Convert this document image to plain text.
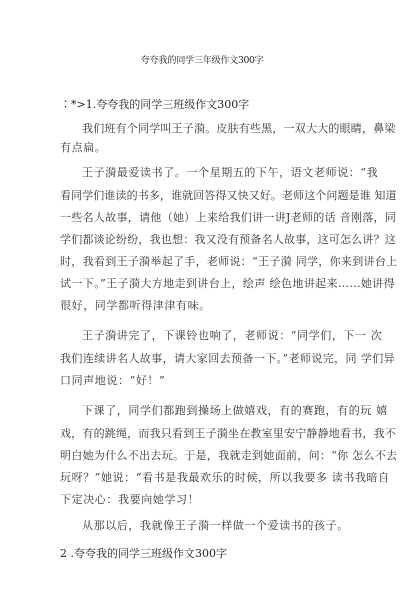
夸夸我的同学三年级作文300字
∶*>1.夸夸我的同学三班级作文300字
我们班有个同学叫王子漪。皮肤有些黑，一双大大的眼睛，鼻梁
有点扁。
王子漪最爱读书了。一个星期五的下午，语文老师说：“我
看同学们谁读的书多，谁就回答得又快又好。老师这个问题是谁 知道
一些名人故事，请他（她）上来给我们讲一讲J老师的话 音刚落，同
学们都谈论纷纷，我也想：我又没有预备名人故事，这可怎么讲？这
时，我看到王子漪举起了手，老师说：“王子漪 同学，你来到讲台上
试一下。”王子漪大方地走到讲台上，绘声 绘色地讲起来……她讲得
很好，同学都听得津津有味。
王子漪讲完了，下课铃也响了，老师说：“同学们，下一 次
我们连续讲名人故事，请大家回去预备一下。”老师说完，同 学们异
口同声地说：“好！”
下课了，同学们都跑到操场上做嬉戏，有的赛跑，有的玩 嬉
戏，有的跳绳，而我只看到王子漪坐在教室里安宁静静地看书，我不
明白她为什么不出去玩。于是，我就走到她面前，问：“你 怎么不去
玩呀？”她说：“看书是我最欢乐的时候，所以我要多 读书我暗自
下定决心：我要向她学习！
从那以后，我就像王子漪一样做一个爱读书的孩子。
2 .夸夸我的同学三班级作文300字
